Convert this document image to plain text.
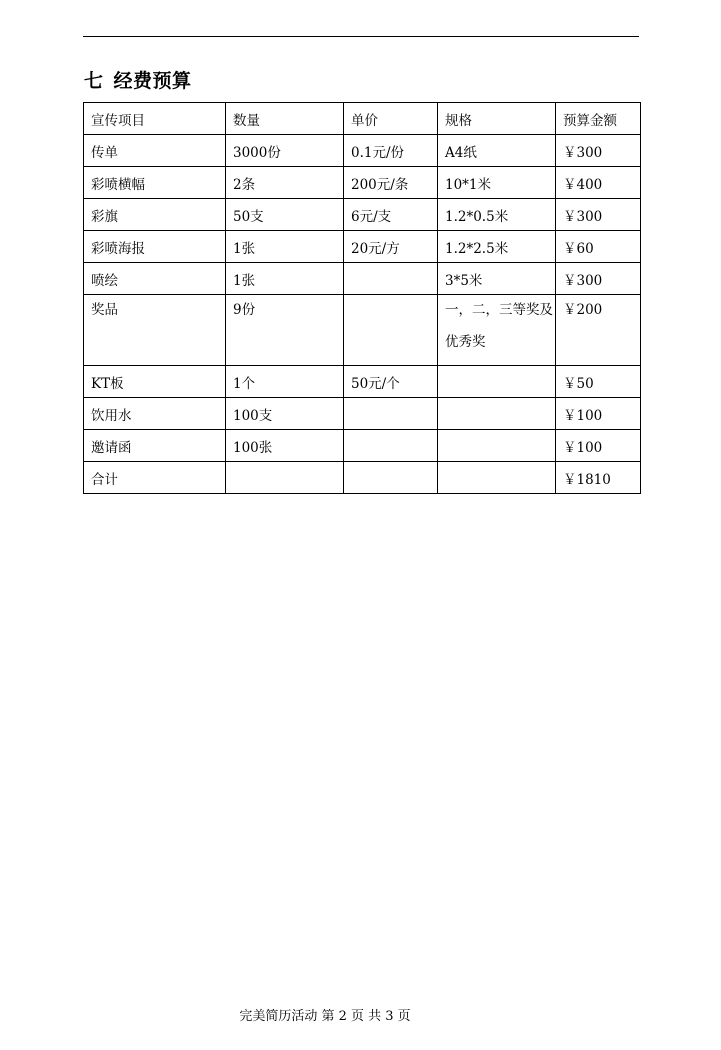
七 经费预算
宣传项目	数量	单价	规格	预算金额
传单	3000份	0.1元/份	A4纸	￥300
彩喷横幅	2条	200元/条	10*1米	￥400
彩旗	50支	6元/支	1.2*0.5米	￥300
彩喷海报	1张	20元/方	1.2*2.5米	￥60
喷绘	1张		3*5米	￥300

奖品	9份		一，二，三等奖及优秀奖	￥200

KT板	1个	50元/个		￥50
饮用水	100支			￥100
邀请函	100张			￥100
合计				￥1810
完美简历活动 第 2 页 共 3 页
